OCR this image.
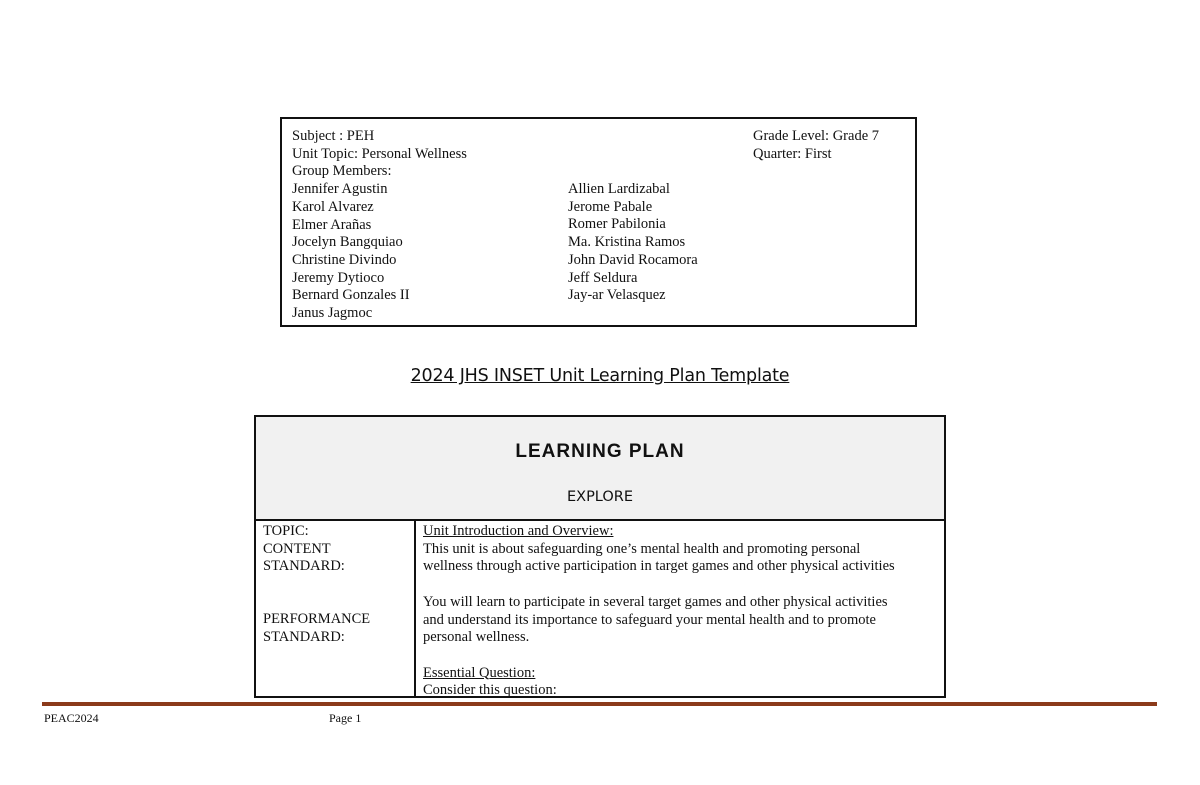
Subject : PEH
Unit Topic: Personal Wellness
Group Members:
Jennifer Agustin
Karol Alvarez
Elmer Arañas
Jocelyn Bangquiao
Christine Divindo
Jeremy Dytioco
Bernard Gonzales II
Janus Jagmoc
Allien Lardizabal
Jerome Pabale
Romer Pabilonia
Ma. Kristina Ramos
John David Rocamora
Jeff Seldura
Jay-ar Velasquez
Grade Level: Grade 7
Quarter: First
2024 JHS INSET Unit Learning Plan Template
LEARNING PLAN
EXPLORE
TOPIC:
CONTENT
STANDARD:
PERFORMANCE
STANDARD:
Unit Introduction and Overview:
This unit is about safeguarding one’s mental health and promoting personal
wellness through active participation in target games and other physical activities
You will learn to participate in several target games and other physical activities
and understand its importance to safeguard your mental health and to promote
personal wellness.
Essential Question:
Consider this question:
PEAC2024	Page 1
